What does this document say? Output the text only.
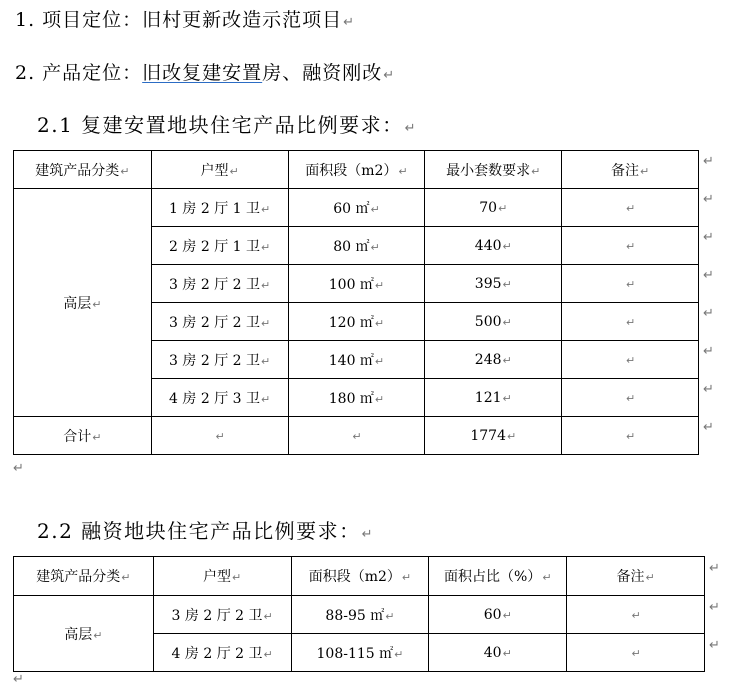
1. 项目定位：旧村更新改造示范项目↵
2. 产品定位：旧改复建安置房、融资刚改↵
2.1 复建安置地块住宅产品比例要求：↵
建筑产品分类↵	户型↵	面积段（m2）↵	最小套数要求↵	备注↵
高层↵	1 房 2 厅 1 卫↵	60 ㎡↵	70↵	↵
	2 房 2 厅 1 卫↵	80 ㎡↵	440↵	↵
	3 房 2 厅 2 卫↵	100 ㎡↵	395↵	↵
	3 房 2 厅 2 卫↵	120 ㎡↵	500↵	↵
	3 房 2 厅 2 卫↵	140 ㎡↵	248↵	↵
	4 房 2 厅 3 卫↵	180 ㎡↵	121↵	↵
合计↵	↵	↵	1774↵	↵
↵
↵
↵
↵
↵
↵
↵
↵
↵
2.2 融资地块住宅产品比例要求：↵
建筑产品分类↵	户型↵	面积段（m2）↵	面积占比（%）↵	备注↵
高层↵	3 房 2 厅 2 卫↵	88-95 ㎡↵	60↵	↵
	4 房 2 厅 2 卫↵	108-115 ㎡↵	40↵	↵
↵
↵
↵
↵
